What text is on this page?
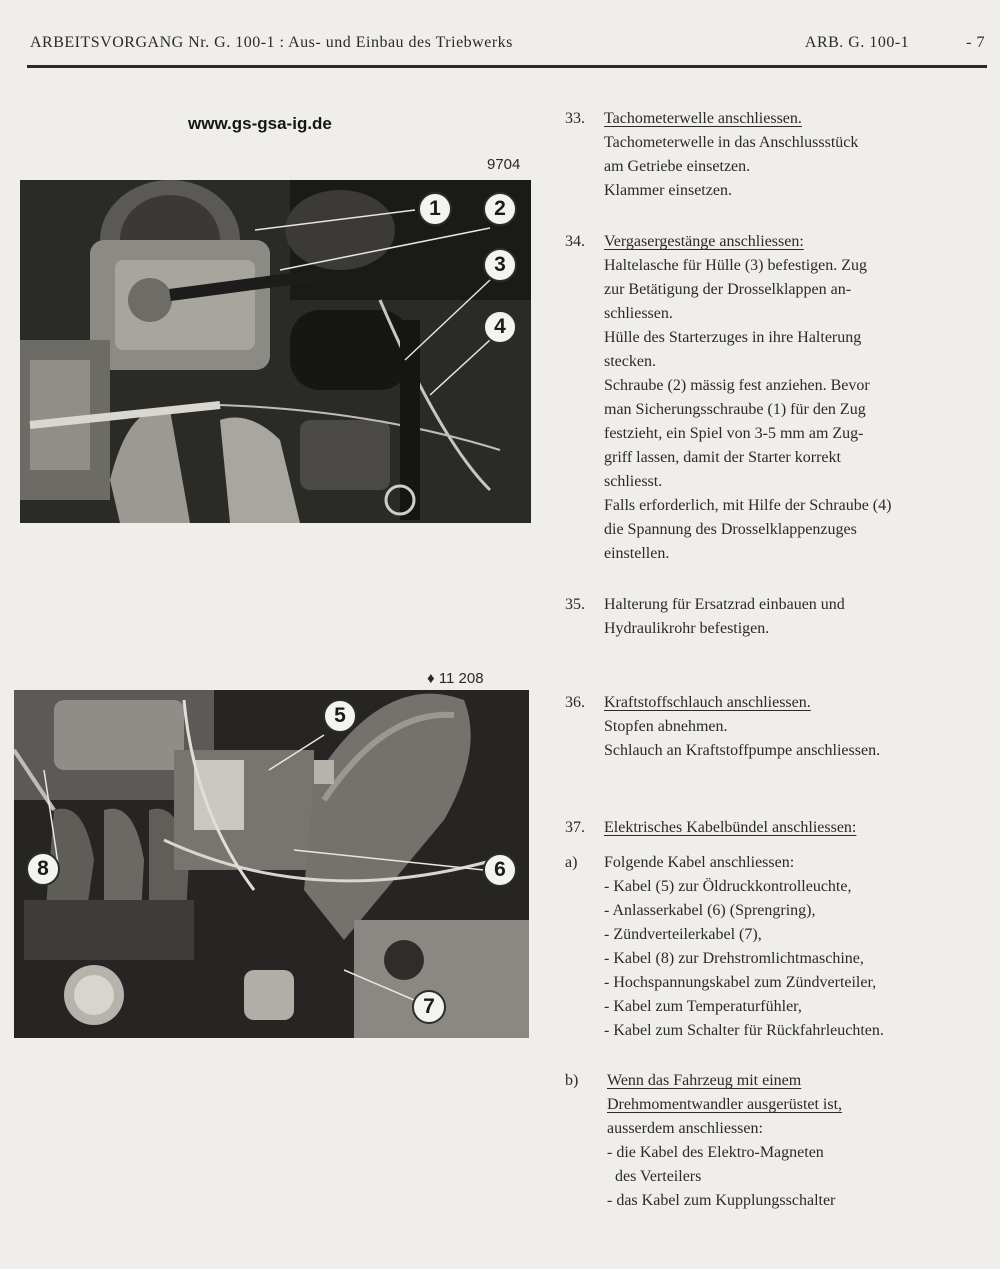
ARBEITSVORGANG Nr. G. 100-1 : Aus- und Einbau des Triebwerks	ARB. G. 100-1	- 7
www.gs-gsa-ig.de
9704
1	2
3
4
♦ 11 208
5
6
7
8
33. Tachometerwelle anschliessen.
Tachometerwelle in das Anschlussstück
am Getriebe einsetzen.
Klammer einsetzen.
34. Vergasergestänge anschliessen:
Haltelasche für Hülle (3) befestigen. Zug
zur Betätigung der Drosselklappen an-
schliessen.
Hülle des Starterzuges in ihre Halterung
stecken.
Schraube (2) mässig fest anziehen. Bevor
man Sicherungsschraube (1) für den Zug
festzieht, ein Spiel von 3-5 mm am Zug-
griff lassen, damit der Starter korrekt
schliesst.
Falls erforderlich, mit Hilfe der Schraube (4)
die Spannung des Drosselklappenzuges
einstellen.
35. Halterung für Ersatzrad einbauen und
Hydraulikrohr befestigen.
36. Kraftstoffschlauch anschliessen.
Stopfen abnehmen.
Schlauch an Kraftstoffpumpe anschliessen.
37. Elektrisches Kabelbündel anschliessen:
a) Folgende Kabel anschliessen:
- Kabel (5) zur Öldruckkontrolleuchte,
- Anlasserkabel (6) (Sprengring),
- Zündverteilerkabel (7),
- Kabel (8) zur Drehstromlichtmaschine,
- Hochspannungskabel zum Zündverteiler,
- Kabel zum Temperaturfühler,
- Kabel zum Schalter für Rückfahrleuchten.
b) Wenn das Fahrzeug mit einem
Drehmomentwandler ausgerüstet ist,
ausserdem anschliessen:
- die Kabel des Elektro-Magneten
des Verteilers
- das Kabel zum Kupplungsschalter
